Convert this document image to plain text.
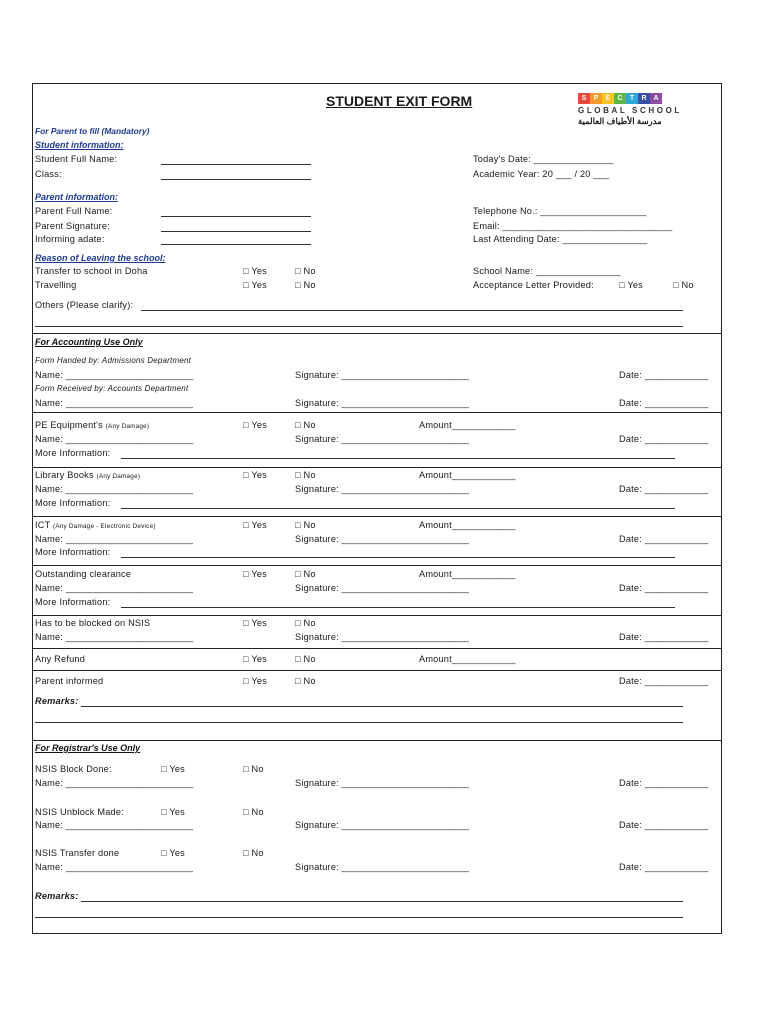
STUDENT EXIT FORM	S	P	E	C	T	R A
GLOBAL SCHOOL
مدرسة الأطياف العالمية
For Parent to fill (Mandatory)
Student information:
Student Full Name:
Class:
Today's Date: _______________
Academic Year: 20 ___ / 20 ___
Parent information:
Parent Full Name:
Parent Signature:
Informing adate:
Telephone No.: ____________________
Email: ________________________________
Last Attending Date: ________________
Reason of Leaving the school:
Transfer to school in Doha	□ Yes	□ No	School Name: ________________
Travelling	□ Yes	□ No	Acceptance Letter Provided:	□ Yes	□ No
Others (Please clarify):
For Accounting Use Only
Form Handed by: Admissions Department
Name: ________________________	Signature: ________________________	Date: ____________
Form Received by: Accounts Department
Name: ________________________	Signature: ________________________	Date: ____________
PE Equipment's (Any Damage)	□ Yes	□ No	Amount____________
Name: ________________________	Signature: ________________________	Date: ____________
More Information:
Library Books (Any Damage)	□ Yes	□ No	Amount____________
Name: ________________________	Signature: ________________________	Date: ____________
More Information:
ICT (Any Damage - Electronic Device)	□ Yes	□ No	Amount____________
Name: ________________________	Signature: ________________________	Date: ____________
More Information:
Outstanding clearance	□ Yes	□ No	Amount____________
Name: ________________________	Signature: ________________________	Date: ____________
More Information:
Has to be blocked on NSIS	□ Yes	□ No
Name: ________________________	Signature: ________________________	Date: ____________
Any Refund	□ Yes	□ No	Amount____________
Parent informed	□ Yes	□ No	Date: ____________
Remarks:
For Registrar's Use Only
NSIS Block Done:	□ Yes	□ No
Name: ________________________	Signature: ________________________	Date: ____________
NSIS Unblock Made:	□ Yes	□ No
Name: ________________________	Signature: ________________________	Date: ____________
NSIS Transfer done	□ Yes	□ No
Name: ________________________	Signature: ________________________	Date: ____________
Remarks:
